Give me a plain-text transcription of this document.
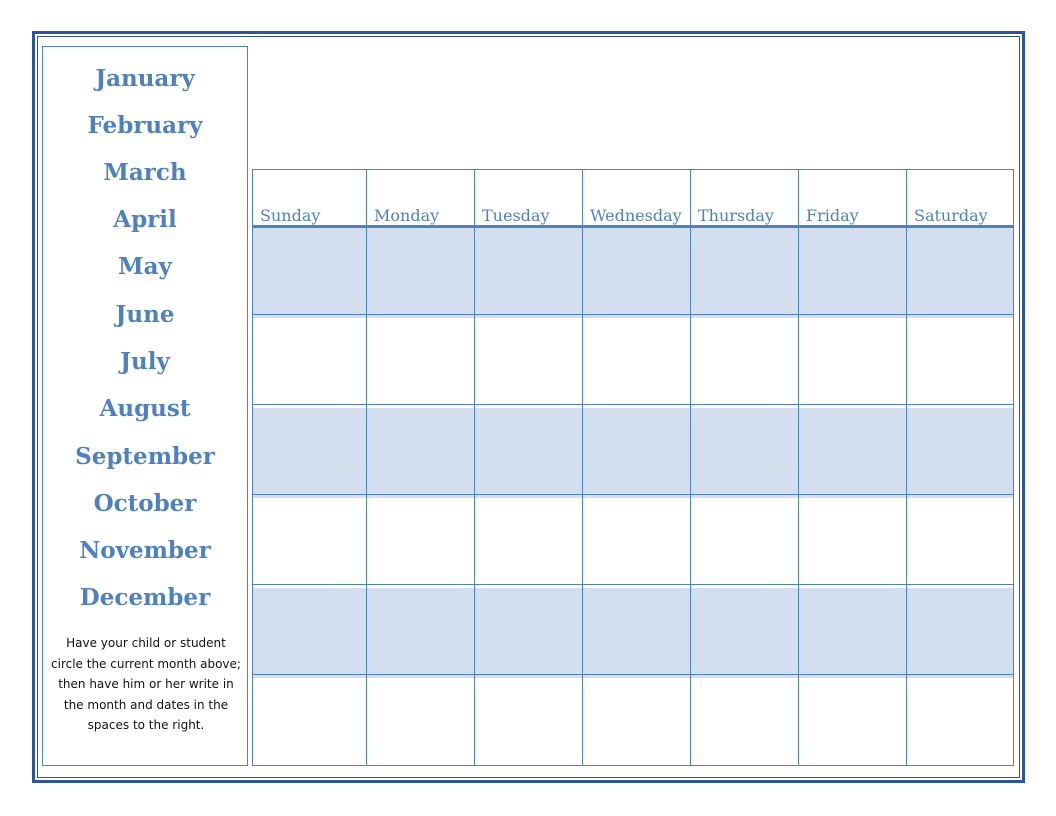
January
February
March
April
May
June
July
August
September
October
November
December
Have your child or student
circle the current month above;
then have him or her write in
the month and dates in the
spaces to the right.
Sunday	Monday	Tuesday	Wednesday Thursday Friday	Saturday
